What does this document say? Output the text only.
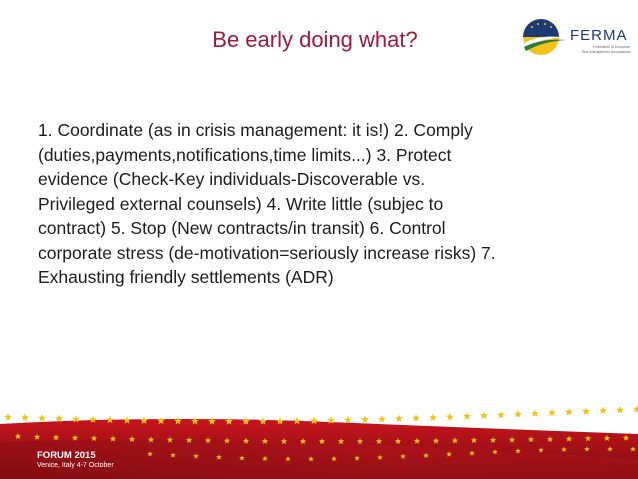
Be early doing what?	FERMA
Federation of European
Risk Management Associations

1. Coordinate (as in crisis management: it is!) 2. Comply
(duties,payments,notifications,time limits...) 3. Protect
evidence (Check-Key individuals-Discoverable vs.
Privileged external counsels) 4. Write little (subjec to
contract) 5. Stop (New contracts/in transit) 6. Control
corporate stress (de-motivation=seriously increase risks) 7.
Exhausting friendly settlements (ADR)

FORUM 2015
Venice, Italy 4-7 October
